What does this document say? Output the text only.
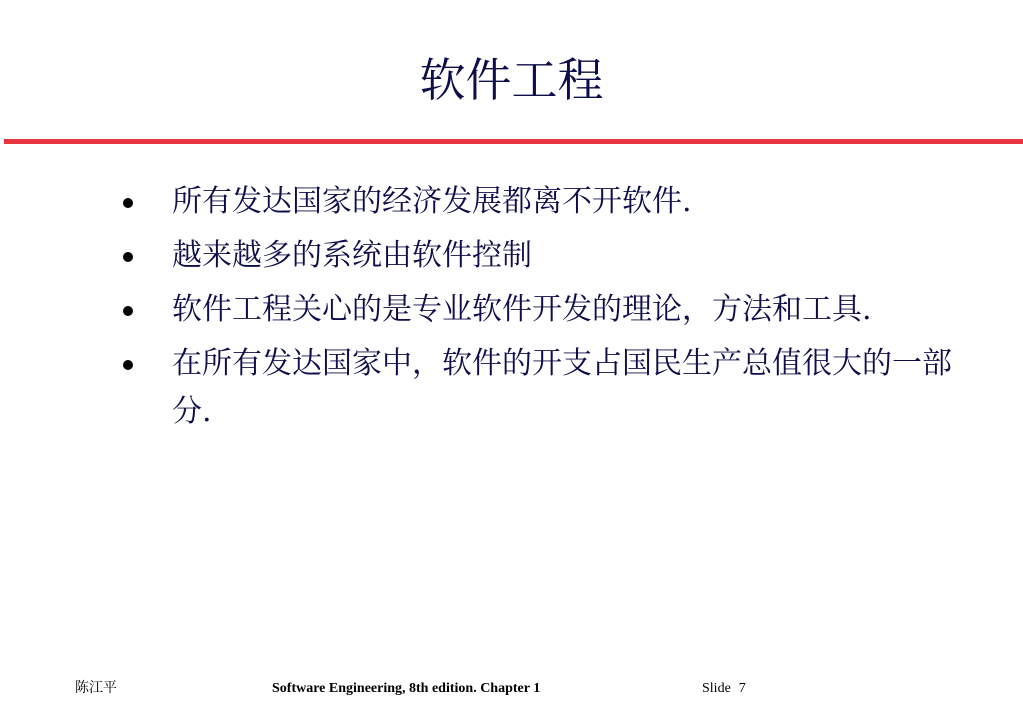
软件工程
所有发达国家的经济发展都离不开软件.
越来越多的系统由软件控制
软件工程关心的是专业软件开发的理论，方法和工具.
在所有发达国家中，软件的开支占国民生产总值很大的一部分.
陈江平	Software Engineering, 8th edition. Chapter 1	Slide 7
